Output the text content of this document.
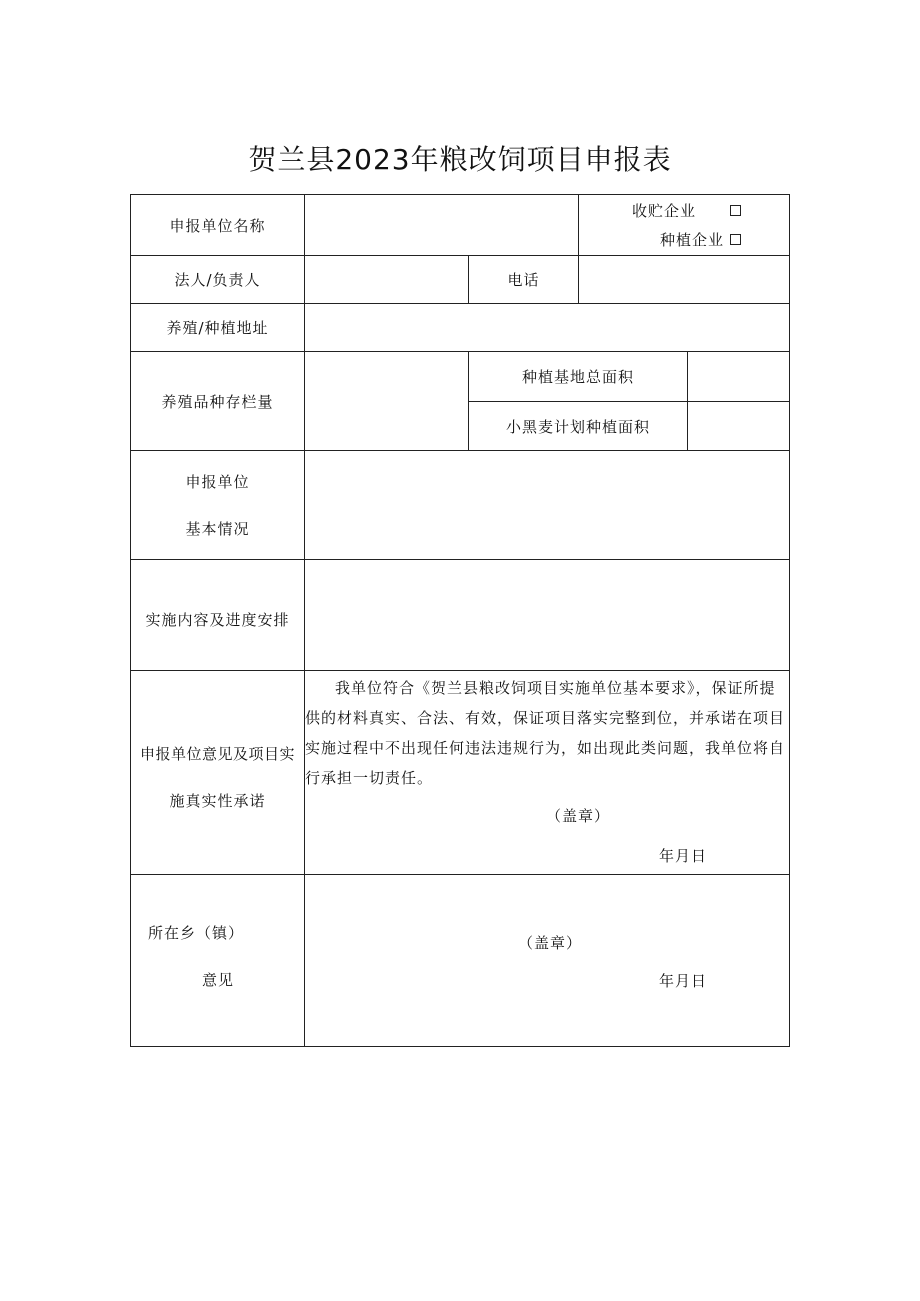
贺兰县2023年粮改饲项目申报表
申报单位名称
收贮企业
种植企业
法人/负责人	电话
养殖/种植地址
养殖品种存栏量
种植基地总面积
小黑麦计划种植面积
申报单位
基本情况
实施内容及进度安排
申报单位意见及项目实
施真实性承诺
我单位符合《贺兰县粮改饲项目实施单位基本要求》，保证所提供的材料真实、合法、有效，保证项目落实完整到位，并承诺在项目实施过程中不出现任何违法违规行为，如出现此类问题，我单位将自行承担一切责任。
（盖章）
年月日
所在乡（镇）
意见
（盖章）
年月日
